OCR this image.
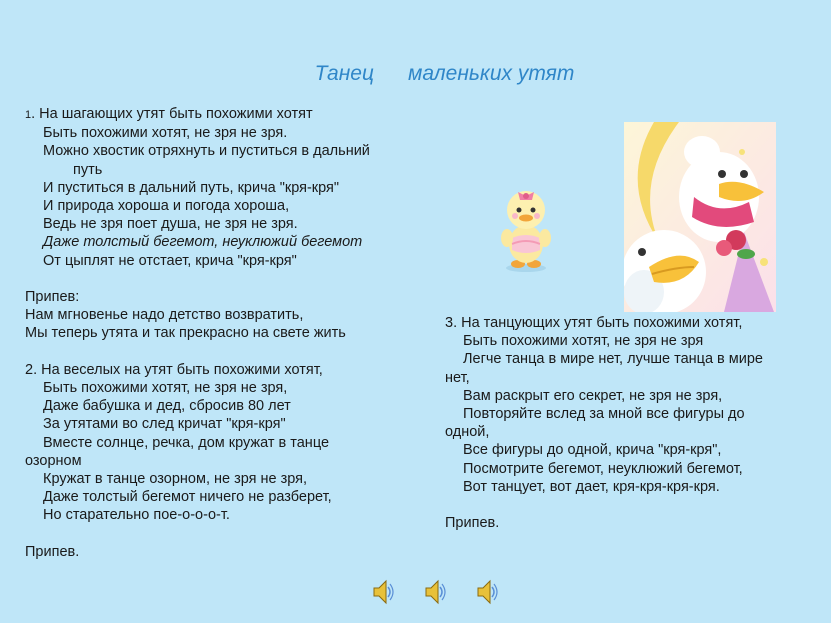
Танец маленьких утят
1. На шагающих утят быть похожими хотят
Быть похожими хотят, не зря не зря.
Можно хвостик отряхнуть и пуститься в дальний
путь
И пуститься в дальний путь, крича "кря-кря"
И природа хороша и погода хороша,
Ведь не зря поет душа, не зря не зря.
Даже толстый бегемот, неуклюжий бегемот
От цыплят не отстает, крича "кря-кря"
Припев:
Нам мгновенье надо детство возвратить,
Мы теперь утята и так прекрасно на свете жить
2. На веселых на утят быть похожими хотят,
Быть похожими хотят, не зря не зря,
Даже бабушка и дед, сбросив 80 лет
За утятами во след кричат "кря-кря"
Вместе солнце, речка, дом кружат в танце
озорном
Кружат в танце озорном, не зря не зря,
Даже толстый бегемот ничего не разберет,
Но старательно пое-о-о-о-т.
Припев.
3. На танцующих утят быть похожими хотят,
Быть похожими хотят, не зря не зря
Легче танца в мире нет, лучше танца в мире
нет,
Вам раскрыт его секрет, не зря не зря,
Повторяйте вслед за мной все фигуры до
одной,
Все фигуры до одной, крича "кря-кря",
Посмотрите бегемот, неуклюжий бегемот,
Вот танцует, вот дает, кря-кря-кря-кря.
Припев.
